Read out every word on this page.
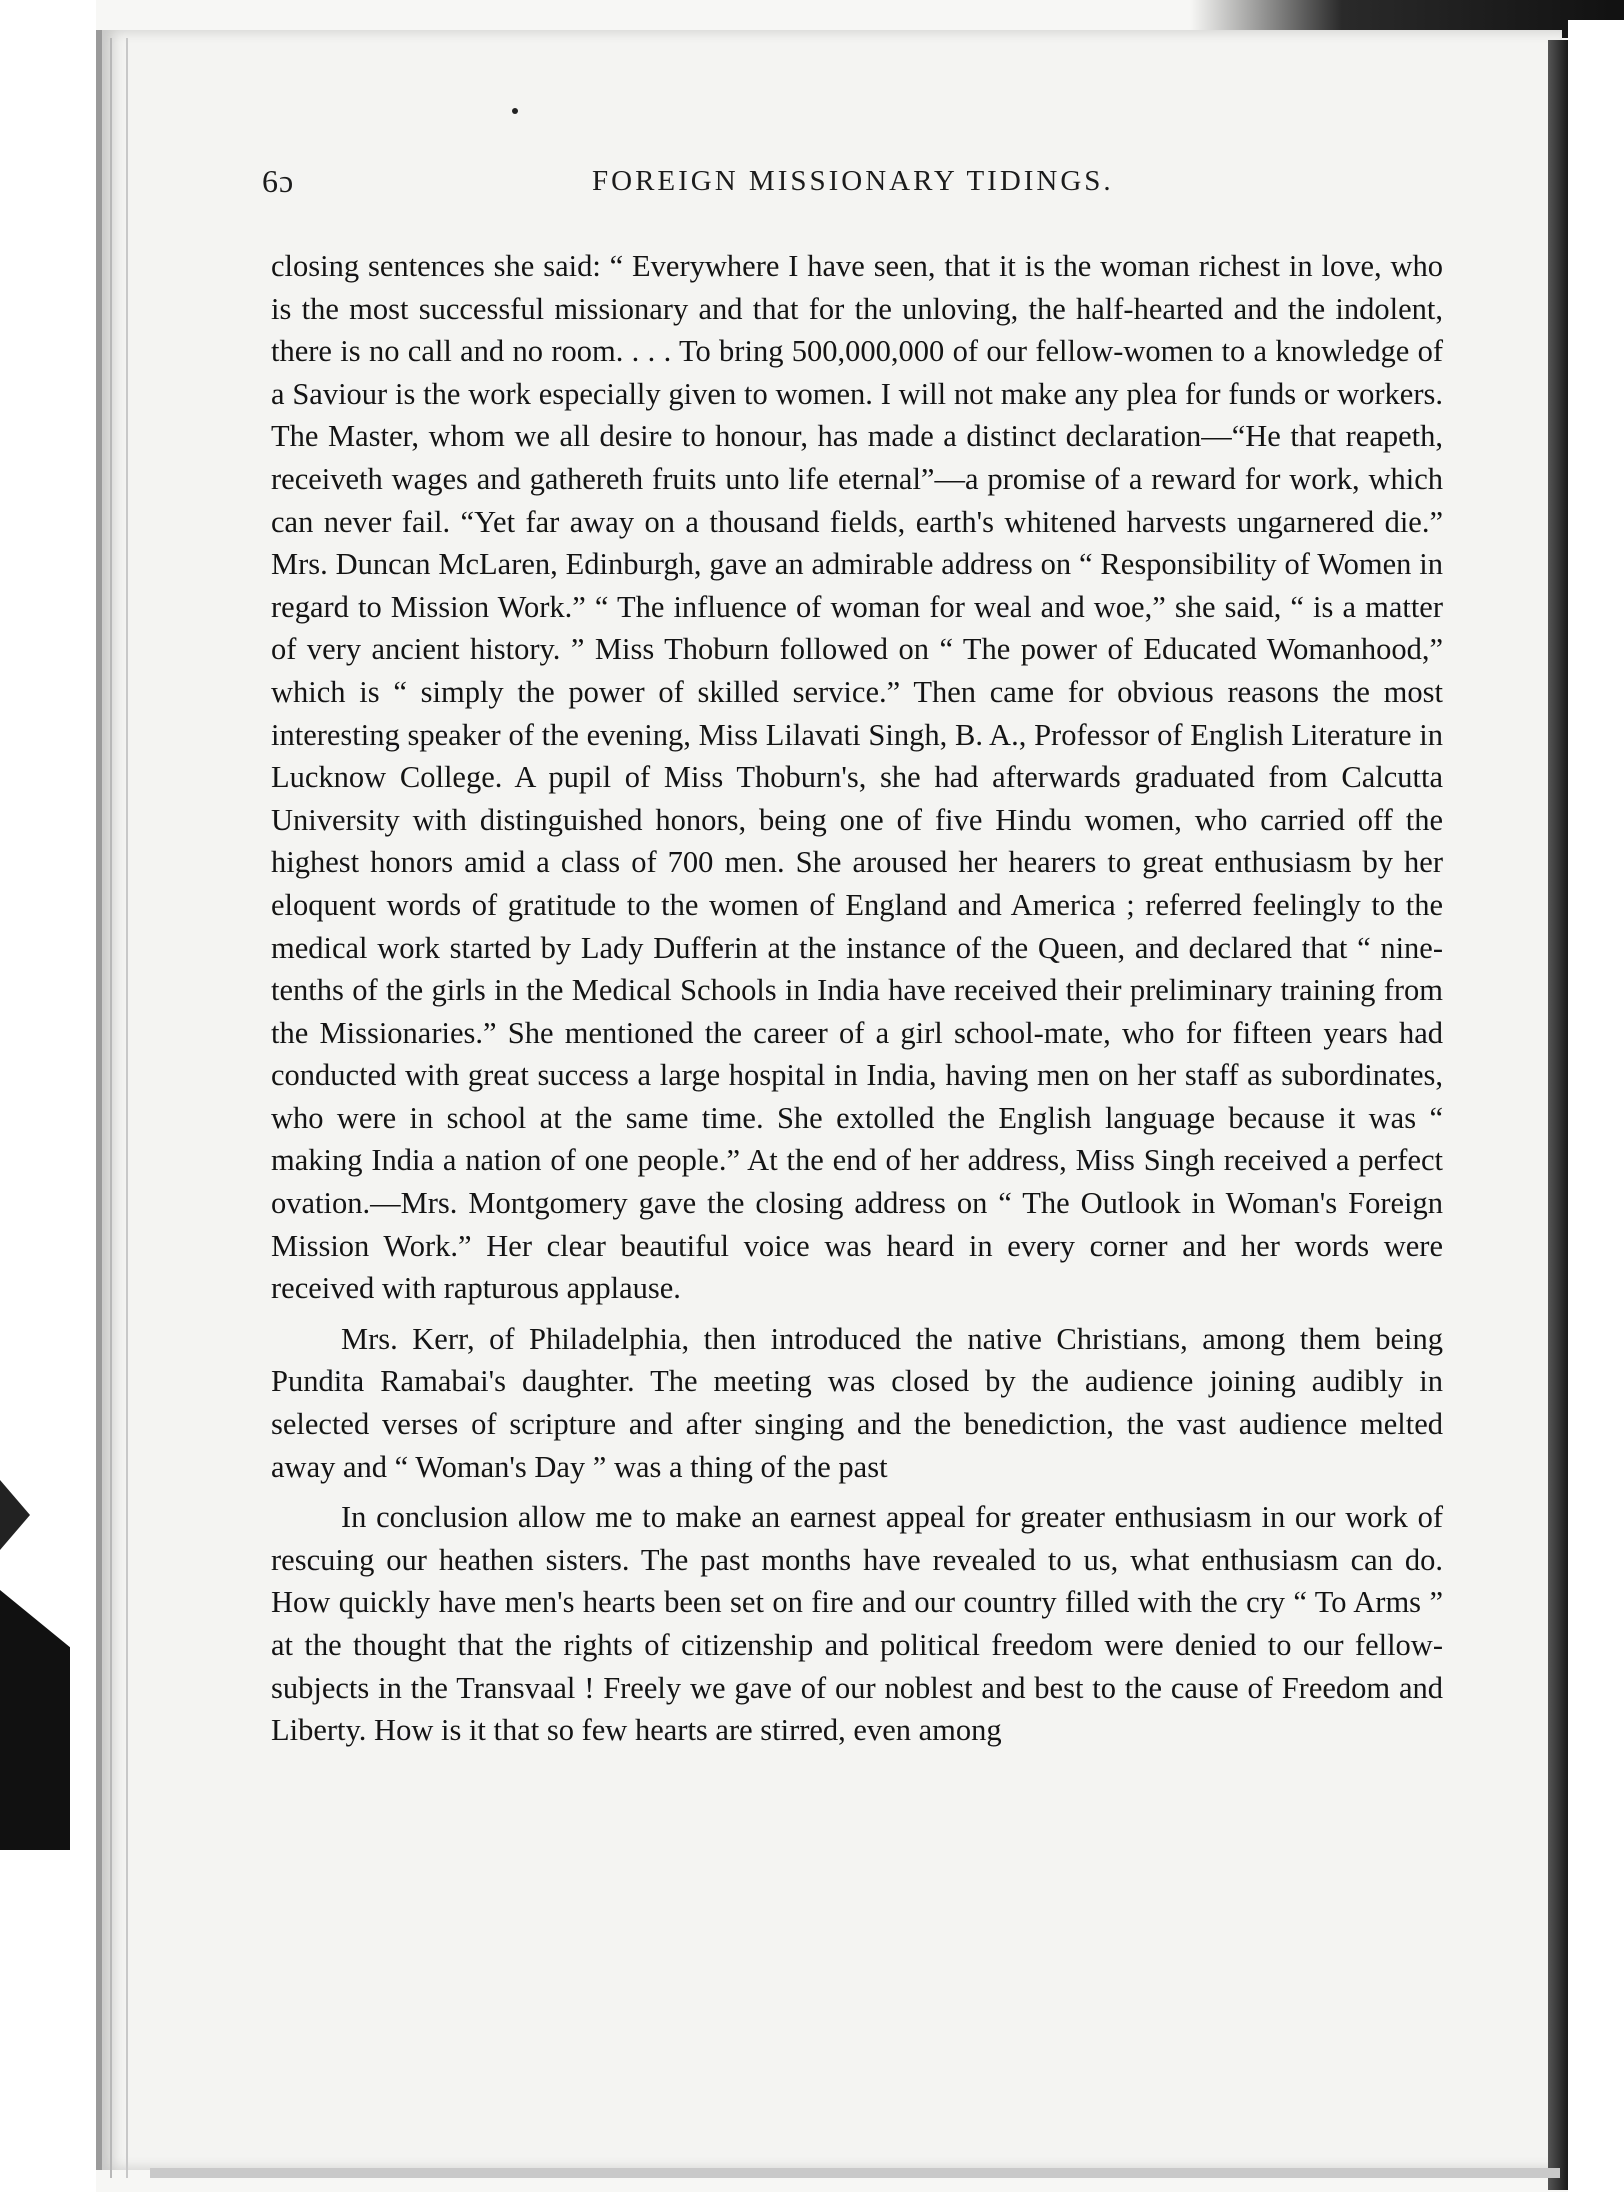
6ɔ	FOREIGN MISSIONARY TIDINGS.

closing sentences she said: “ Everywhere I have seen, that it is the woman richest in love, who is the most successful missionary and that for the unloving, the half-hearted and the indolent, there is no call and no room. . . . To bring 500,000,000 of our fellow-women to a knowledge of a Saviour is the work especially given to women. I will not make any plea for funds or workers. The Master, whom we all desire to honour, has made a distinct declaration—“He that reapeth, receiveth wages and gathereth fruits unto life eternal”—a promise of a reward for work, which can never fail. “Yet far away on a thousand fields, earth's whitened harvests ungarnered die.” Mrs. Duncan McLaren, Edinburgh, gave an admirable address on “ Responsibility of Women in regard to Mission Work.” “ The influence of woman for weal and woe,” she said, “ is a matter of very ancient history. ” Miss Thoburn followed on “ The power of Educated Womanhood,” which is “ simply the power of skilled service.” Then came for obvious reasons the most interesting speaker of the evening, Miss Lilavati Singh, B. A., Professor of English Literature in Lucknow College. A pupil of Miss Thoburn's, she had afterwards graduated from Calcutta University with distinguished honors, being one of five Hindu women, who carried off the highest honors amid a class of 700 men. She aroused her hearers to great enthusiasm by her eloquent words of gratitude to the women of England and America ; referred feelingly to the medical work started by Lady Dufferin at the instance of the Queen, and declared that “ nine-tenths of the girls in the Medical Schools in India have received their preliminary training from the Missionaries.” She mentioned the career of a girl school-mate, who for fifteen years had conducted with great success a large hospital in India, having men on her staff as subordinates, who were in school at the same time. She extolled the English language because it was “ making India a nation of one people.” At the end of her address, Miss Singh received a perfect ovation.—Mrs. Montgomery gave the closing address on “ The Outlook in Woman's Foreign Mission Work.” Her clear beautiful voice was heard in every corner and her words were received with rapturous applause.

Mrs. Kerr, of Philadelphia, then introduced the native Christians, among them being Pundita Ramabai's daughter. The meeting was closed by the audience joining audibly in selected verses of scripture and after singing and the benediction, the vast audience melted away and “ Woman's Day ” was a thing of the past

In conclusion allow me to make an earnest appeal for greater enthusiasm in our work of rescuing our heathen sisters. The past months have revealed to us, what enthusiasm can do. How quickly have men's hearts been set on fire and our country filled with the cry “ To Arms ” at the thought that the rights of citizenship and political freedom were denied to our fellow-subjects in the Transvaal ! Freely we gave of our noblest and best to the cause of Freedom and Liberty. How is it that so few hearts are stirred, even among
